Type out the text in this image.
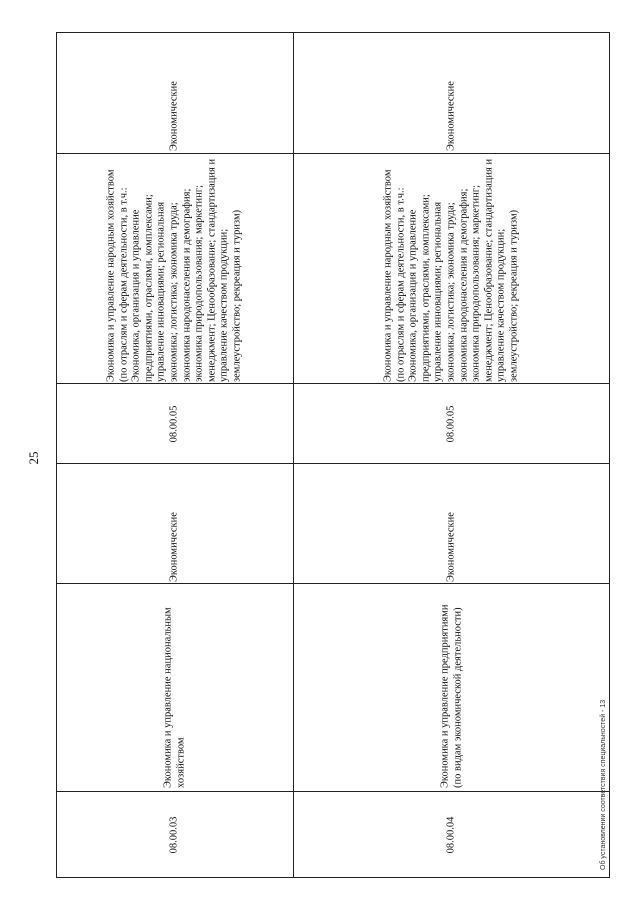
25
Экономические
Экономика и управление народным хозяйством (по отраслям и сферам деятельности, в т.ч.: Экономика, организация и управление предприятиями, отраслями, комплексами; управление инновациями; региональная экономика; логистика; экономика труда; экономика народонаселения и демография; экономика природопользования; маркетинг; менеджмент; Ценообразование; стандартизация и управление качеством продукции; землеустройство; рекреация и туризм)
08.00.05
Экономические
Экономика и управление национальным хозяйством
08.00.03
Экономические
Экономика и управление народным хозяйством (по отраслям и сферам деятельности, в т.ч.: Экономика, организация и управление предприятиями, отраслями, комплексами; управление инновациями; региональная экономика; логистика; экономика труда; экономика народонаселения и демография; экономика природопользования; маркетинг; менеджмент; Ценообразование; стандартизация и управление качеством продукции; землеустройство; рекреация и туризм)
08.00.05
Экономические
Экономика и управление предприятиями (по видам экономической деятельности)
08.00.04	Об установлении соответствия специальностей - 13
